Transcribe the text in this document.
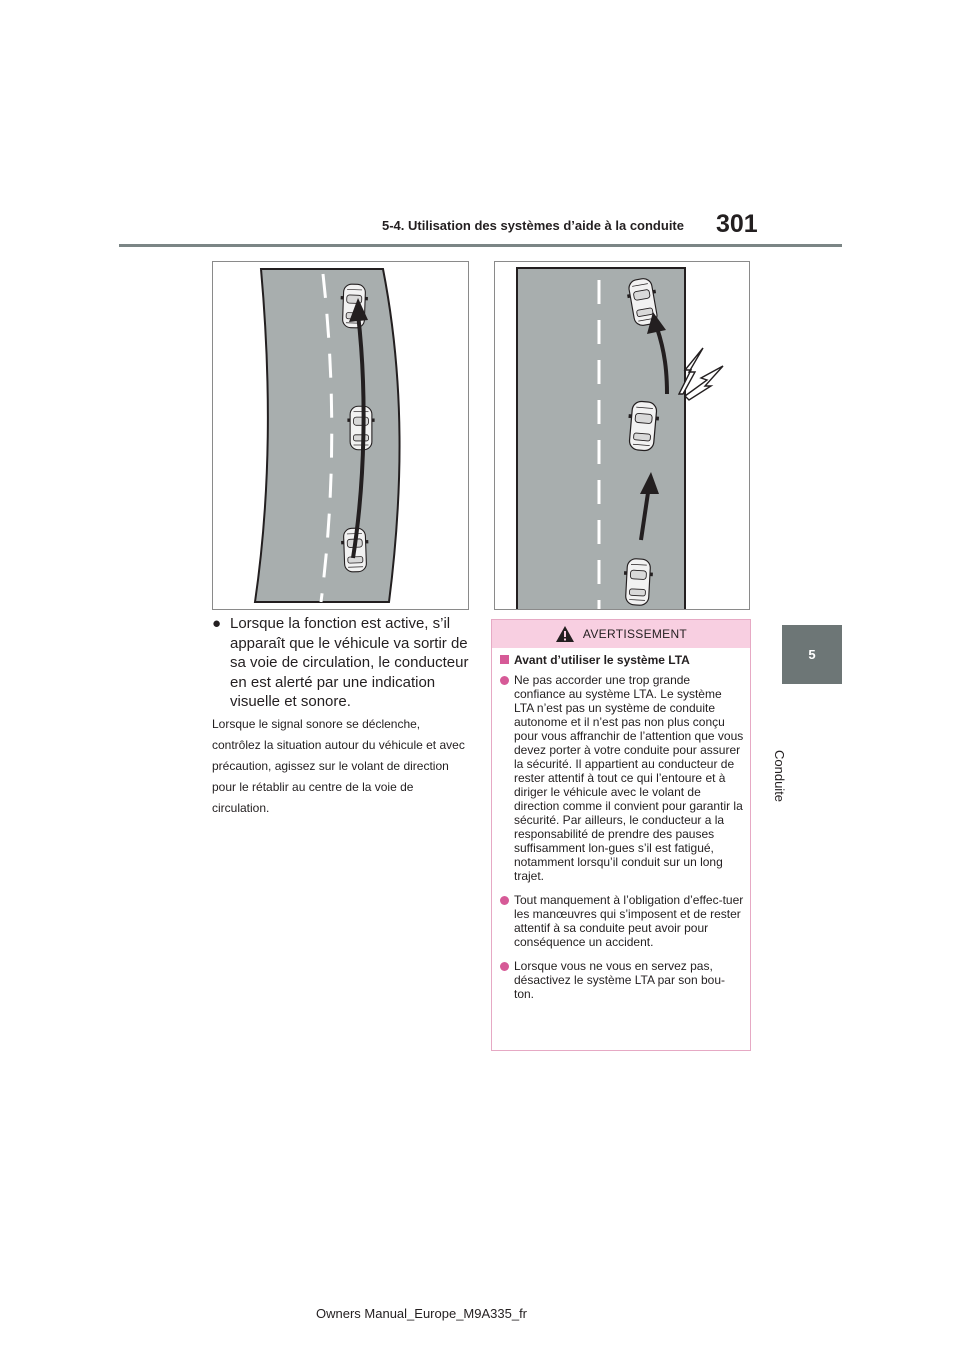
5-4. Utilisation des systèmes d’aide à la conduite	301
5
Conduite
● Lorsque la fonction est active, s’il apparaît que le véhicule va sortir de sa voie de circulation, le conducteur en est alerté par une indication visuelle et sonore.
Lorsque le signal sonore se déclenche, contrôlez la situation autour du véhicule et avec précaution, agissez sur le volant de direction pour le rétablir au centre de la voie de circulation.
AVERTISSEMENT
Avant d’utiliser le système LTA
Ne pas accorder une trop grande confiance au système LTA. Le système LTA n’est pas un système de conduite autonome et il n’est pas non plus conçu pour vous affranchir de l’attention que vous devez porter à votre conduite pour assurer la sécurité. Il appartient au conducteur de rester attentif à tout ce qui l’entoure et à diriger le véhicule avec le volant de direction comme il convient pour garantir la sécurité. Par ailleurs, le conducteur a la responsabilité de prendre des pauses suffisamment lon-gues s’il est fatigué, notamment lorsqu’il conduit sur un long trajet.
Tout manquement à l’obligation d’effec-tuer les manœuvres qui s’imposent et de rester attentif à sa conduite peut avoir pour conséquence un accident.
Lorsque vous ne vous en servez pas, désactivez le système LTA par son bou-ton.
Owners Manual_Europe_M9A335_fr
